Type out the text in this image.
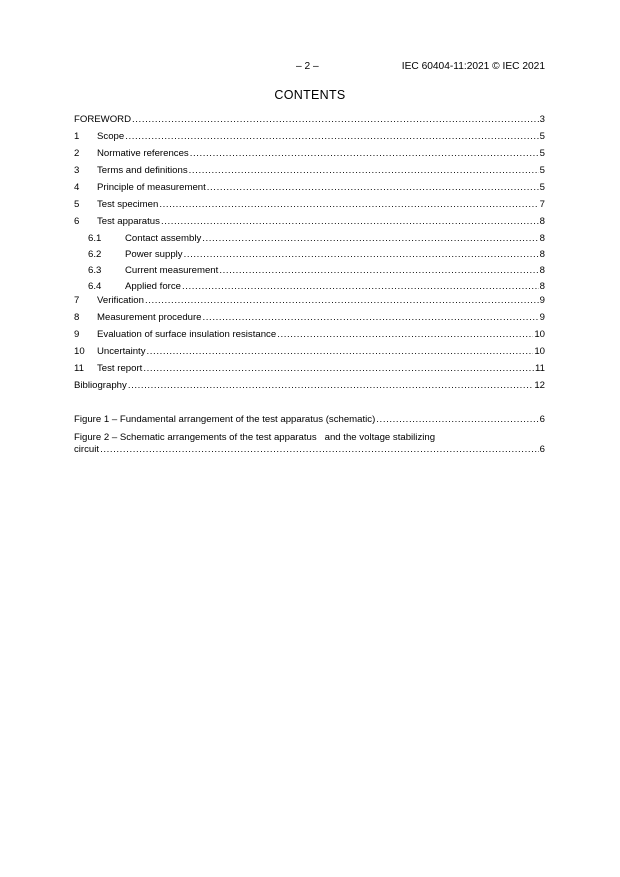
– 2 –	IEC 60404-11:2021 © IEC 2021
CONTENTS
FOREWORD .....	3
1	Scope .....	5
2	Normative references .....	5
3	Terms and definitions .....	5
4	Principle of measurement .....	5
5	Test specimen .....	7
6	Test apparatus .....	8
6.1	Contact assembly .....	8
6.2	Power supply .....	8
6.3	Current measurement .....	8
6.4	Applied force .....	8
7	Verification .....	9
8	Measurement procedure .....	9
9	Evaluation of surface insulation resistance .....	10
10	Uncertainty .....	10
11	Test report .....	11
Bibliography .....	12
Figure 1 – Fundamental arrangement of the test apparatus (schematic) .....	6
Figure 2 – Schematic arrangements of the test apparatus   and the voltage stabilizing
circuit .....	6
